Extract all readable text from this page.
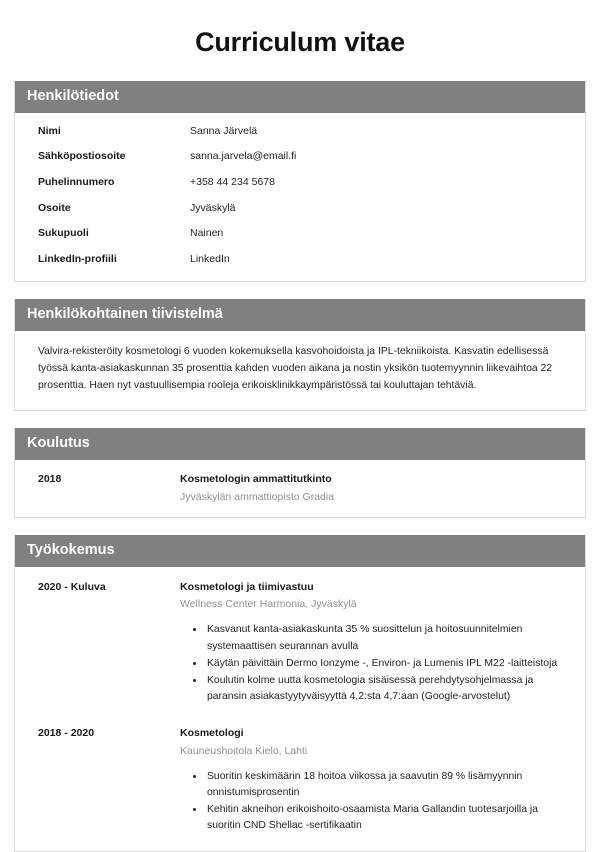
Curriculum vitae
Henkilötiedot
Nimi	Sanna Järvelä
Sähköpostiosoite	sanna.jarvela@email.fi
Puhelinnumero	+358 44 234 5678
Osoite	Jyväskylä
Sukupuoli	Nainen
LinkedIn-profiili	LinkedIn
Henkilökohtainen tiivistelmä

Valvira-rekisteröity kosmetologi 6 vuoden kokemuksella kasvohoidoista ja IPL-tekniikoista. Kasvatin edellisessä työssä kanta-asiakaskunnan 35 prosenttia kahden vuoden aikana ja nostin yksikön tuotemyynnin liikevaihtoa 22 prosenttia. Haen nyt vastuullisempia rooleja erikoisklinikkaympäristössä tai kouluttajan tehtäviä.

Koulutus
2018	Kosmetologin ammattitutkinto
Jyväskylän ammattiopisto Gradia
Työkokemus
2020 - Kuluva	Kosmetologi ja tiimivastuu
Wellness Center Harmonia, Jyväskylä
• Kasvanut kanta-asiakaskunta 35 % suosittelun ja hoitosuunnitelmien systemaattisen seurannan avulla
• Käytän päivittäin Dermo Ionzyme -, Environ- ja Lumenis IPL M22 -laitteistoja
• Koulutin kolme uutta kosmetologia sisäisessä perehdytysohjelmassa ja paransin asiakastyytyväisyyttä 4,2:sta 4,7:aan (Google-arvostelut)
2018 - 2020	Kosmetologi
Kauneushoitola Kielo, Lahti
• Suoritin keskimäärin 18 hoitoa viikossa ja saavutin 89 % lisämyynnin onnistumisprosentin
• Kehitin akneihon erikoishoito-osaamista Maria Gallandin tuotesarjoilla ja suoritin CND Shellac -sertifikaatin
